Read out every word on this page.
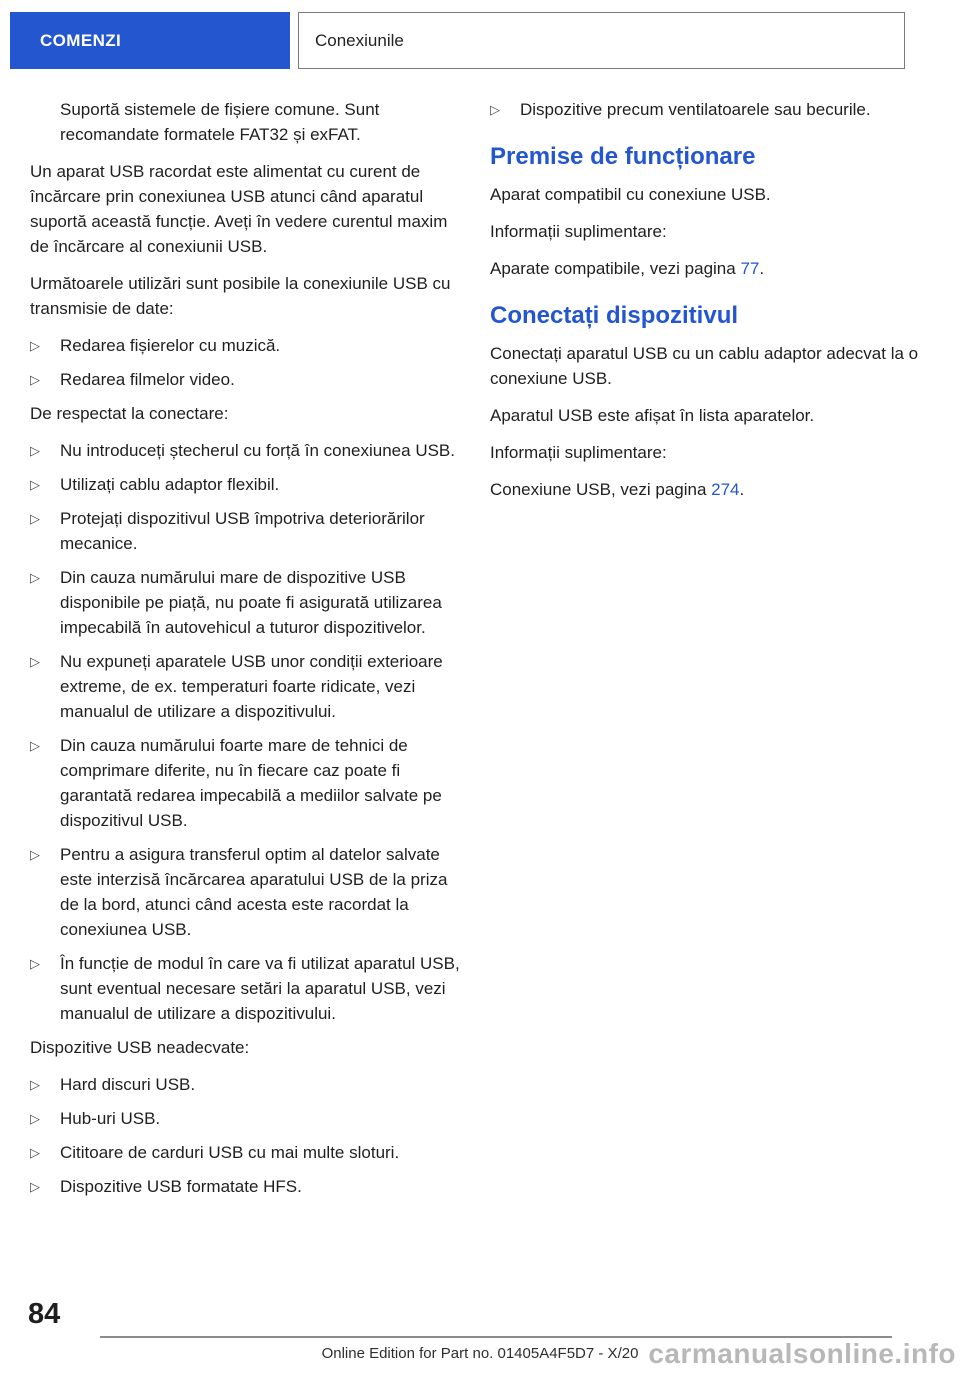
COMENZI	Conexiunile

Suportă sistemele de fișiere comune. Sunt recomandate formatele FAT32 și exFAT.

Un aparat USB racordat este alimentat cu curent de încărcare prin conexiunea USB atunci când aparatul suportă această funcție. Aveți în vedere curentul maxim de încărcare al conexiunii USB.

Următoarele utilizări sunt posibile la conexiunile USB cu transmisie de date:

▷	Redarea fișierelor cu muzică.
▷	Redarea filmelor video.

De respectat la conectare:

▷	Nu introduceți ștecherul cu forță în conexiunea USB.
▷	Utilizați cablu adaptor flexibil.
▷	Protejați dispozitivul USB împotriva deteriorărilor mecanice.
▷	Din cauza numărului mare de dispozitive USB disponibile pe piață, nu poate fi asigurată utilizarea impecabilă în autovehicul a tuturor dispozitivelor.
▷	Nu expuneți aparatele USB unor condiții exterioare extreme, de ex. temperaturi foarte ridicate, vezi manualul de utilizare a dispozitivului.
▷	Din cauza numărului foarte mare de tehnici de comprimare diferite, nu în fiecare caz poate fi garantată redarea impecabilă a mediilor salvate pe dispozitivul USB.
▷	Pentru a asigura transferul optim al datelor salvate este interzisă încărcarea aparatului USB de la priza de la bord, atunci când acesta este racordat la conexiunea USB.
▷	În funcție de modul în care va fi utilizat aparatul USB, sunt eventual necesare setări la aparatul USB, vezi manualul de utilizare a dispozitivului.

Dispozitive USB neadecvate:

▷	Hard discuri USB.
▷	Hub-uri USB.
▷	Cititoare de carduri USB cu mai multe sloturi.
▷	Dispozitive USB formatate HFS.
▷	Dispozitive precum ventilatoarele sau becurile.
Premise de funcționare

Aparat compatibil cu conexiune USB.

Informații suplimentare:

Aparate compatibile, vezi pagina 77.

Conectați dispozitivul

Conectați aparatul USB cu un cablu adaptor adecvat la o conexiune USB.

Aparatul USB este afișat în lista aparatelor.

Informații suplimentare:

Conexiune USB, vezi pagina 274.

84
Online Edition for Part no. 01405A4F5D7 - X/20 carmanualsonline.info
